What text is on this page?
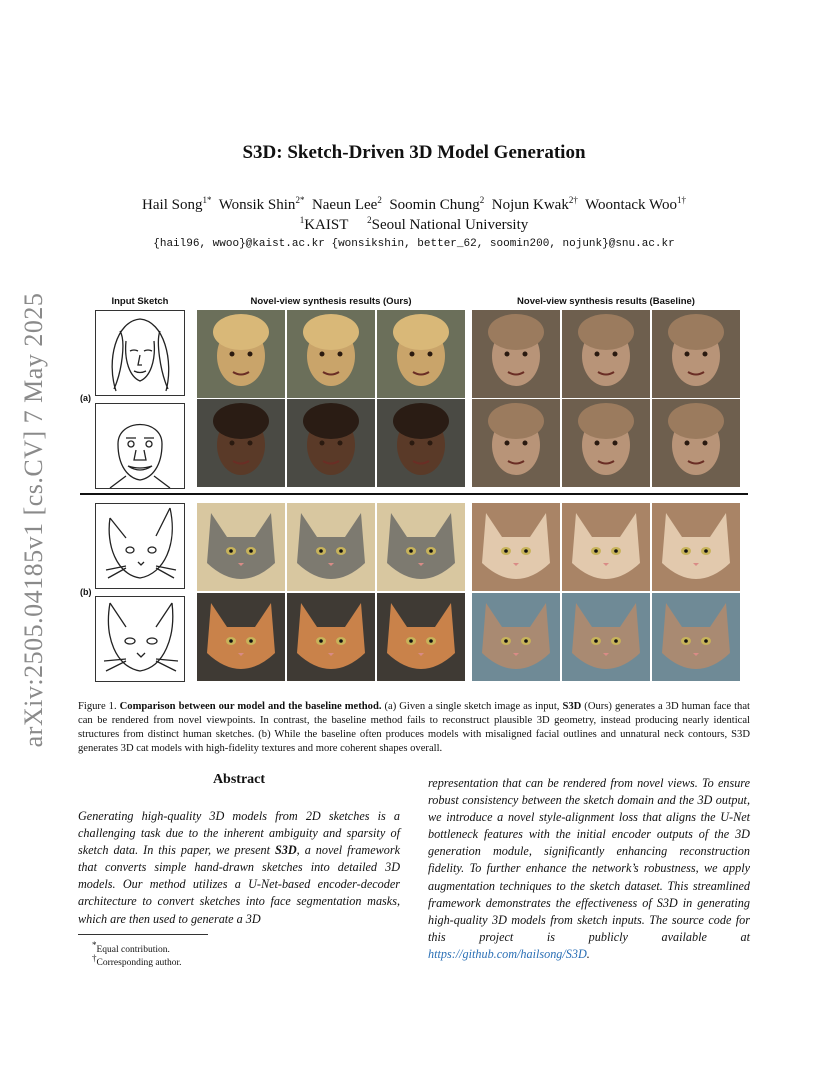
arXiv:2505.04185v1 [cs.CV] 7 May 2025
S3D: Sketch-Driven 3D Model Generation
Hail Song$^{1*}$ Wonsik Shin$^{2*}$ Naeun Lee$^2$ Soomin Chung$^2$ Nojun Kwak$^{2\dagger}$ Woontack Woo$^{1\dagger}$
$^1$KAIST $^2$Seoul National University
{hail96, wwoo}@kaist.ac.kr {wonsikshin, better_62, soomin200, nojunk}@snu.ac.kr
Input Sketch	Novel-view synthesis results (Ours)	Novel-view synthesis results (Baseline)
(a)
(b)
Figure 1. Comparison between our model and the baseline method. (a) Given a single sketch image as input, S3D (Ours) generates a 3D human face that can be rendered from novel viewpoints. In contrast, the baseline method fails to reconstruct plausible 3D geometry, instead producing nearly identical structures from distinct human sketches. (b) While the baseline often produces models with misaligned facial outlines and unnatural neck contours, S3D generates 3D cat models with high-fidelity textures and more coherent shapes overall.
Abstract
Generating high-quality 3D models from 2D sketches is a challenging task due to the inherent ambiguity and sparsity of sketch data. In this paper, we present S3D, a novel framework that converts simple hand-drawn sketches into detailed 3D models. Our method utilizes a U-Net-based encoder-decoder architecture to convert sketches into face segmentation masks, which are then used to generate a 3D
representation that can be rendered from novel views. To ensure robust consistency between the sketch domain and the 3D output, we introduce a novel style-alignment loss that aligns the U-Net bottleneck features with the initial encoder outputs of the 3D generation module, significantly enhancing reconstruction fidelity. To further enhance the network’s robustness, we apply augmentation techniques to the sketch dataset. This streamlined framework demonstrates the effectiveness of S3D in generating high-quality 3D models from sketch inputs. The source code for this project is publicly available at https://github.com/hailsong/S3D.
*Equal contribution.
†Corresponding author.
